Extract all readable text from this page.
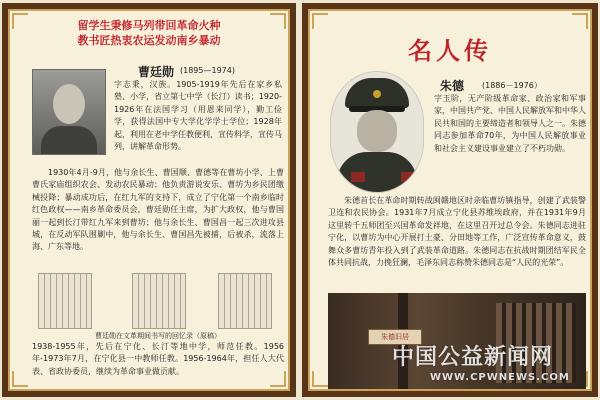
留学生秉修马列带回革命火种
教书匠热衷农运发动南乡暴动
曹廷勋 (1895—1974)
字志秉，汉族。1905-1919年先后在家乡私塾、小学，省立第七中学（长汀）读书；1920-1926年在法国学习（用恩来同学），勤工俭学，获得法国中专大学化学学士学位；1928年起，利用在老中学任教便利，宣传科学，宣传马列，讲解革命形势。
1930年4月-9月，他与余长生、曹国顺、曹德等在曹坊小学、上曹曹氏家庙组织农会、发动农民暴动；他负责游说安乐、曹坊为乡民团缴械投降；暴动成功后，在红九军的支持下，成立了宁化第一个南乡临时红色政权——南乡革命委员会，曹廷勋任主席，为扩大政权，他与曹国丽一起到长汀带红九军来到曹坊；他与余长生、曹国昌一起三次进攻县城，在反动军队围剿中，他与余长生、曹国昌先被捕，后被杀，流落上海、广东等地。
曹廷勋在文革期间书写的回忆录（原稿）
1938-1955年，先后在宁化、长汀等地中学，师范任教。1956年-1973年7月，在宁化县一中教师任教。1956-1964年，担任人大代表、省政协委员，继续为革命事业做贡献。
名人传
朱德 (1886－1976）
字玉阶，无产阶级革命家、政治家和军事家，中国共产党、中国人民解放军和中华人民共和国的主要缔造者和领导人之一。朱德同志参加革命70年，为中国人民解放事业和社会主义建设事业建立了不朽功勋。
朱德首长在革命时期转战闽赣地区时亲临曹坊镇指导，创建了武装警卫连和农民协会。1931年7月成立宁化县苏维埃政府，并在1931年9月这里转千五师团至兴国革命发祥地，在这里召开过总令会。朱德同志进驻宁化，以曹坊为中心开展打土豪、分田地等工作，广泛宣传革命意义，鼓舞众多曹坊青年投入到了武装革命道路。朱德同志在抗战时期团结军民全体共同抗战，力挽狂澜，毛泽东同志称赞朱德同志是“人民的光荣”。
朱德旧居
中国公益新闻网
WWW.CPWNEWS.COM
